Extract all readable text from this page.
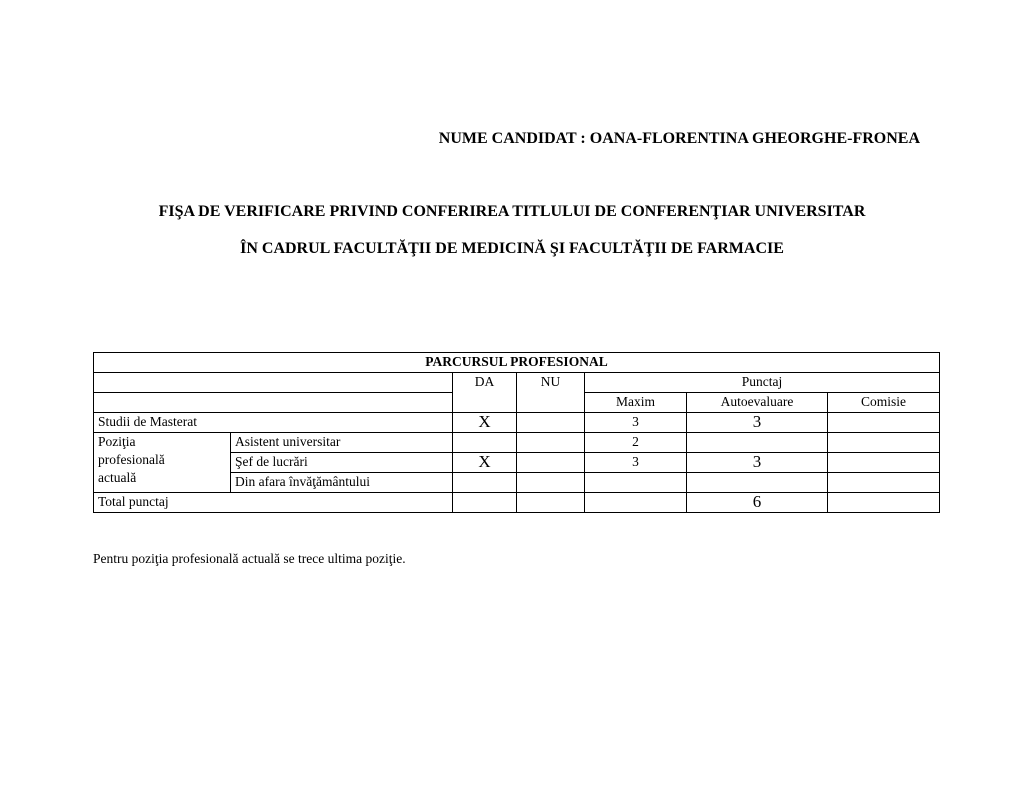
NUME CANDIDAT : OANA-FLORENTINA GHEORGHE-FRONEA
FIŞA DE VERIFICARE PRIVIND CONFERIREA TITLULUI DE CONFERENŢIAR UNIVERSITAR
ÎN CADRUL FACULTĂŢII DE MEDICINĂ ŞI FACULTĂŢII DE FARMACIE
PARCURSUL PROFESIONAL						
		DA	NU	Punctaj		
				Maxim	Autoevaluare	Comisie
Studii de Masterat		X		3	3	

Poziţia
profesională
actuală	Asistent universitar			2		
	Şef de lucrări	X		3	3	
	Din afara învăţământului					
Total punctaj					6	
Pentru poziţia profesională actuală se trece ultima poziţie.
